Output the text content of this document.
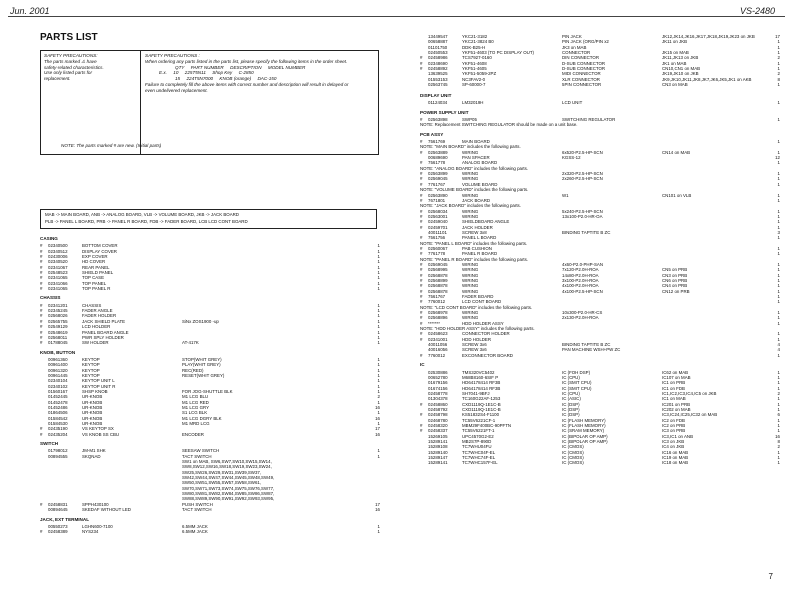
Jun. 2001	VS-2480
PARTS LIST
SAFETY PRECAUTIONS:
The parts marked ⚠ have
safety-related characteristics.
Use only listed parts for
replacement.
SAFETY PRECAUTIONS :
When ordering any parts listed in the parts list, please specify the following items in the order sheet.
QTY     PART NUMBER     DESCRIPTION     MODEL NUMBER
E.x.     10     225T5N11     Shop Key     C-2850
15     224T5N7000     KNOB (orange)     DAC-150
Failure to completely fill the above items with correct number and description will result in delayed or
even undelivered replacement.
NOTE: The parts marked # are new. (Initial parts)
MAB -> MAIN BOARD, ANB -> ANALOG BOARD, VLB -> VOLUME BOARD, JKB -> JACK BOARD
PLB -> PANEL L BOARD, PRB -> PANEL R BOARD, FDB -> FADER BOARD, LCB LCD CONT BOARD
CASING
#	02340500	BOTTOM COVER	1
#	02340512	DISPLAY COVER	1
#	02430006	EXP COVER	1
#	02340520	HD COVER	1
#	02341067	REAR PANEL	1
#	02548523	SHIELD PANEL	1
#	02341065	TOP CASE	1
#	02341066	TOP PANEL	1
#	02341065	TOP PANEL R	1
CHASSIS
#	02341201	CHASSIS	1
#	02345245	FADER ANGLE	1
#	02568026	FADER HOLDER	1
#	02565755	JACK SHIELD PLATE	SiNx ZOS1900 -up	1
#	02549129	LCD HOLDER	1
#	02548619	PANEL BOARD ANGLE	1
#	02568011	PWR SPLY HOLDER	1
#	01788045	SW HOLDER	AT-417K	1
KNOB, BUTTON
00961360	KEYTOP	STOP(WHIT GREY)	1
00961400	KEYTOP	PLAY(WHIT GREY)	1
00961320	KEYTOP	REC(RED)	1
00961445	KEYTOP	RESET(WHIT GREY)	1
02340104	KEYTOP UNIT L	1
02340102	KEYTOP UNIT R	1
01560167	SHSP KNOB	FOR JOG-SHUTTLE BLK	1
01452445	UR-KNOB	M1 LCG BLU	2
01452478	UR-KNOB	M1 LCG RED	1
01452486	UR-KNOB	M1 LCG GRY	16
01864506	UR-KNOB	S1 LCG BLK	1
01584542	UR-KNOB	M1 LCG DGRY BLK	16
01584530	UR-KNOB	M1 MRD LCG	1
#	02435190	VS KEYTOP SX	17
#	02435204	VS KNOB SS CBU	ENCODER	16
SWITCH
01798012	JM-M1 SHK	SEESAW SWITCH	1
00894555	SKQNAD	TACT SWITCH	1
SW1 on MAB, SW6,SW7,SW10,SW15,SW14,
SW8,SW12,SW16,SW18,SW19,SW23,SW24,
SW25,SW26,SW29,SW31,SW39,SW37,
SW42,SW44,SW47,SW44,SW45,SW48,SW49,
SW50,SW51,SW55,SW57,SW58,SW61,
SW70,SW71,SW73,SW74,SW75,SW76,SW77,
SW80,SW81,SW82,SW84,SW85,SW86,SW87,
SW88,SW89,SW90,SW91,SW92,SW93,SW95,
#	02458831	SPPH430100	PUSH SWITCH	17
00894645	SKEDAF WITHOUT LED	TACT SWITCH	16
JACK, EXT TERMINAL
00550273	LGHN600-7100	6.5MM JACK	1
#	02458389	NYS234	6.5MM JACK	1
13449547	YKC21-3182	PIN JACK	JK12,JK14,JK16,JK17,JK18,JK19,JK23 on JKB	17
00658887	YKC21-3824 B0	PIN JACK (ORG/PIN x2	JK11 on JKB	1
01101750	DDK-B25-H	JK3 on MAB	1
02450553	YKF51-4603 (TO PC DISPLAY OUT)	CONNECTOR	JK15 on MAB	1
#	02458986	TCS7927-0160	DIN CONNECTOR	JK11,JK13 on JKB	2
#	02348690	YKF51-4608	D-SUB CONNECTOR	JK1 on MAB	1
#	02458892	YKF51-4605	D-SUB CONNECTOR	CN10,CN1 on MAB	1
13639525	YKF51-5059-2PZ	MIDI CONNECTOR	JK19,JK10 on JKB	2
01553153	NC3FAV2-0	XLR CONNECTOR	JK9,JK10,JK11,JK8,JK7,JK6,JK5,JK1 on AKB	8
02563745	SP-60000-7	5PIN CONNECTOR	CN3 on MAB	1
DISPLAY UNIT
01124034	LM32019H	LCD UNIT	1
POWER SUPPLY UNIT
#	02563898	SWP05	SWITCHING REGULATOR	1
NOTE: Replacement SWITCHING REGULATOR should be made on a unit base.
PCB ASSY
#	7561769	MAIN BOARD	1
NOTE: "MAIN BOARD" includes the following parts.
#	02563889	WIRING	6x520-P2.5-HP-SCN	CN14 on MAB	1
00689690	PAN SPACER	KGSS-12	12
#	7561778	ANALOG BOARD	1
NOTE: "ANALOG BOARD" includes the following parts.
#	02563899	WIRING	2x320-P2.5-HP-SCN	1
#	02569045	WIRING	2x260-P2.5-HP-SCN	1
#	7761767	VOLUME BOARD	1
NOTE: "VOLUME BOARD" includes the following parts.
#	02563890	WIRING	W1	CN101 on VLB	1
#	7671801	JACK BOARD	1
NOTE: "JACK BOARD" includes the following parts.
#	02568034	WIRING	5x240-P2.5-HP-SCN	1
#	02563001	WIRING	13x100-P2.0-HR-OA	1
#	02459040	SHIELDBOARD ANGLE	1
#	02459701	JACK HOLDER	1
40011101	SCREW 3x8	BINDING TAPTITE B ZC	3
#	7561756	PANEL L BOARD	1
NOTE: "PANEL L BOARD" includes the following parts.
#	02560067	PAB CUSHION	1
#	7761778	PANEL R BOARD	1
NOTE: "PANEL R BOARD" includes the following parts.
#	02569045	WIRING	4x60-P2.0-PHP-SAN	1
#	02568995	WIRING	7x120-P2.0H-ROA	CN5 on PRB	1
#	02568878	WIRING	14x80-P2.0H-ROA	CN3 on PRB	1
#	02568899	WIRING	3x100-P2.0H-ROA	CN6 on PRB	1
#	02568878	WIRING	4x100-P2.0H-ROA	CN4 on PRB	1
#	02568878	WIRING	4x100-P2.5-HP-SCN	CN12 on PRB	1
#	7561767	FADER BOARD	1
#	7760012	LCD CONT BOARD	1
NOTE: "LCD CONT BOARD" includes the following parts.
#	02568978	WIRING	10x300-P2.0-HR-CS	1
#	02568896	WIRING	2x130-P2.0H-ROA	1
#	*******	HDD HOLDER ASSY	1
NOTE: "HDD HOLDER ASSY" includes the following parts.
#	02458623	CONNECTOR HOLDER	1
#	02341001	HDD HOLDER	1
40011056	SCREW 3x6	BINDING TAPTITE B ZC	4
40016056	SCREW 3x6	PAN MACHINE WSH+PW ZC	4
#	7760012	EXCONNECTOR BOARD	1
IC
02530886	TMS320VC5402	IC (FOH DSP)	IC62 on MAB	1
00652780	M68B8160-6SIF P	IC (CPU)	IC107 on MAB	1
01679156	HD64178414 RF3B	IC (SMIT CPU)	IC1 on PRB	1
01674156	HD64178414 RF3B	IC (SMIT CPU)	IC1 on FDB	1
02458778	SH7041-9BFJ	IC (CPU)	IC1,IC2,IC3,IC4,IC5 on JKB	2
01304378	TC160G22AF-1253	IC (ASIC)	IC1 on MAB	1
#	02458860	CXD1119Q-1E1C-B	IC (DSP)	IC201 on PRB	1
02458792	CXD1119Q-1E1C-B	IC (DSP)	IC202 on MAB	1
#	02458798	KS51832S4-F1100	IC (DSP)	IC3,IC24,IC25,IC32 on MAB	6
02468780	TC55V6221CF-1	IC (FLASH MEMORY)	IC2 on FDB	1
#	02458320	MBM29F400BC-90PFTN	IC (FLASH MEMORY)	IC2 on PRB	1
#	02458337	TC55V6221FT-1	IC (SRAM MEMORY)	IC3 on PRB	1
15269105	UPC4570G2-E2	IC (BIPOLAR OP AMP)	IC3,IC1 on ANB	16
15289141	MB2S7P-890D	IC (BIPOLAR OP AMP)	IC3 on JKB	8
15289108	TC7WHU04FU	IC (CMOS)	IC4 on JKB	2
15289140	TC7WHC04F-EL	IC (CMOS)	IC16 on MAB	1
15289147	TC7WHC74F-EL	IC (CMOS)	IC19 on MAB	1
15289141	TC7WHC157F-EL	IC (CMOS)	IC18 on MAB	1
7
